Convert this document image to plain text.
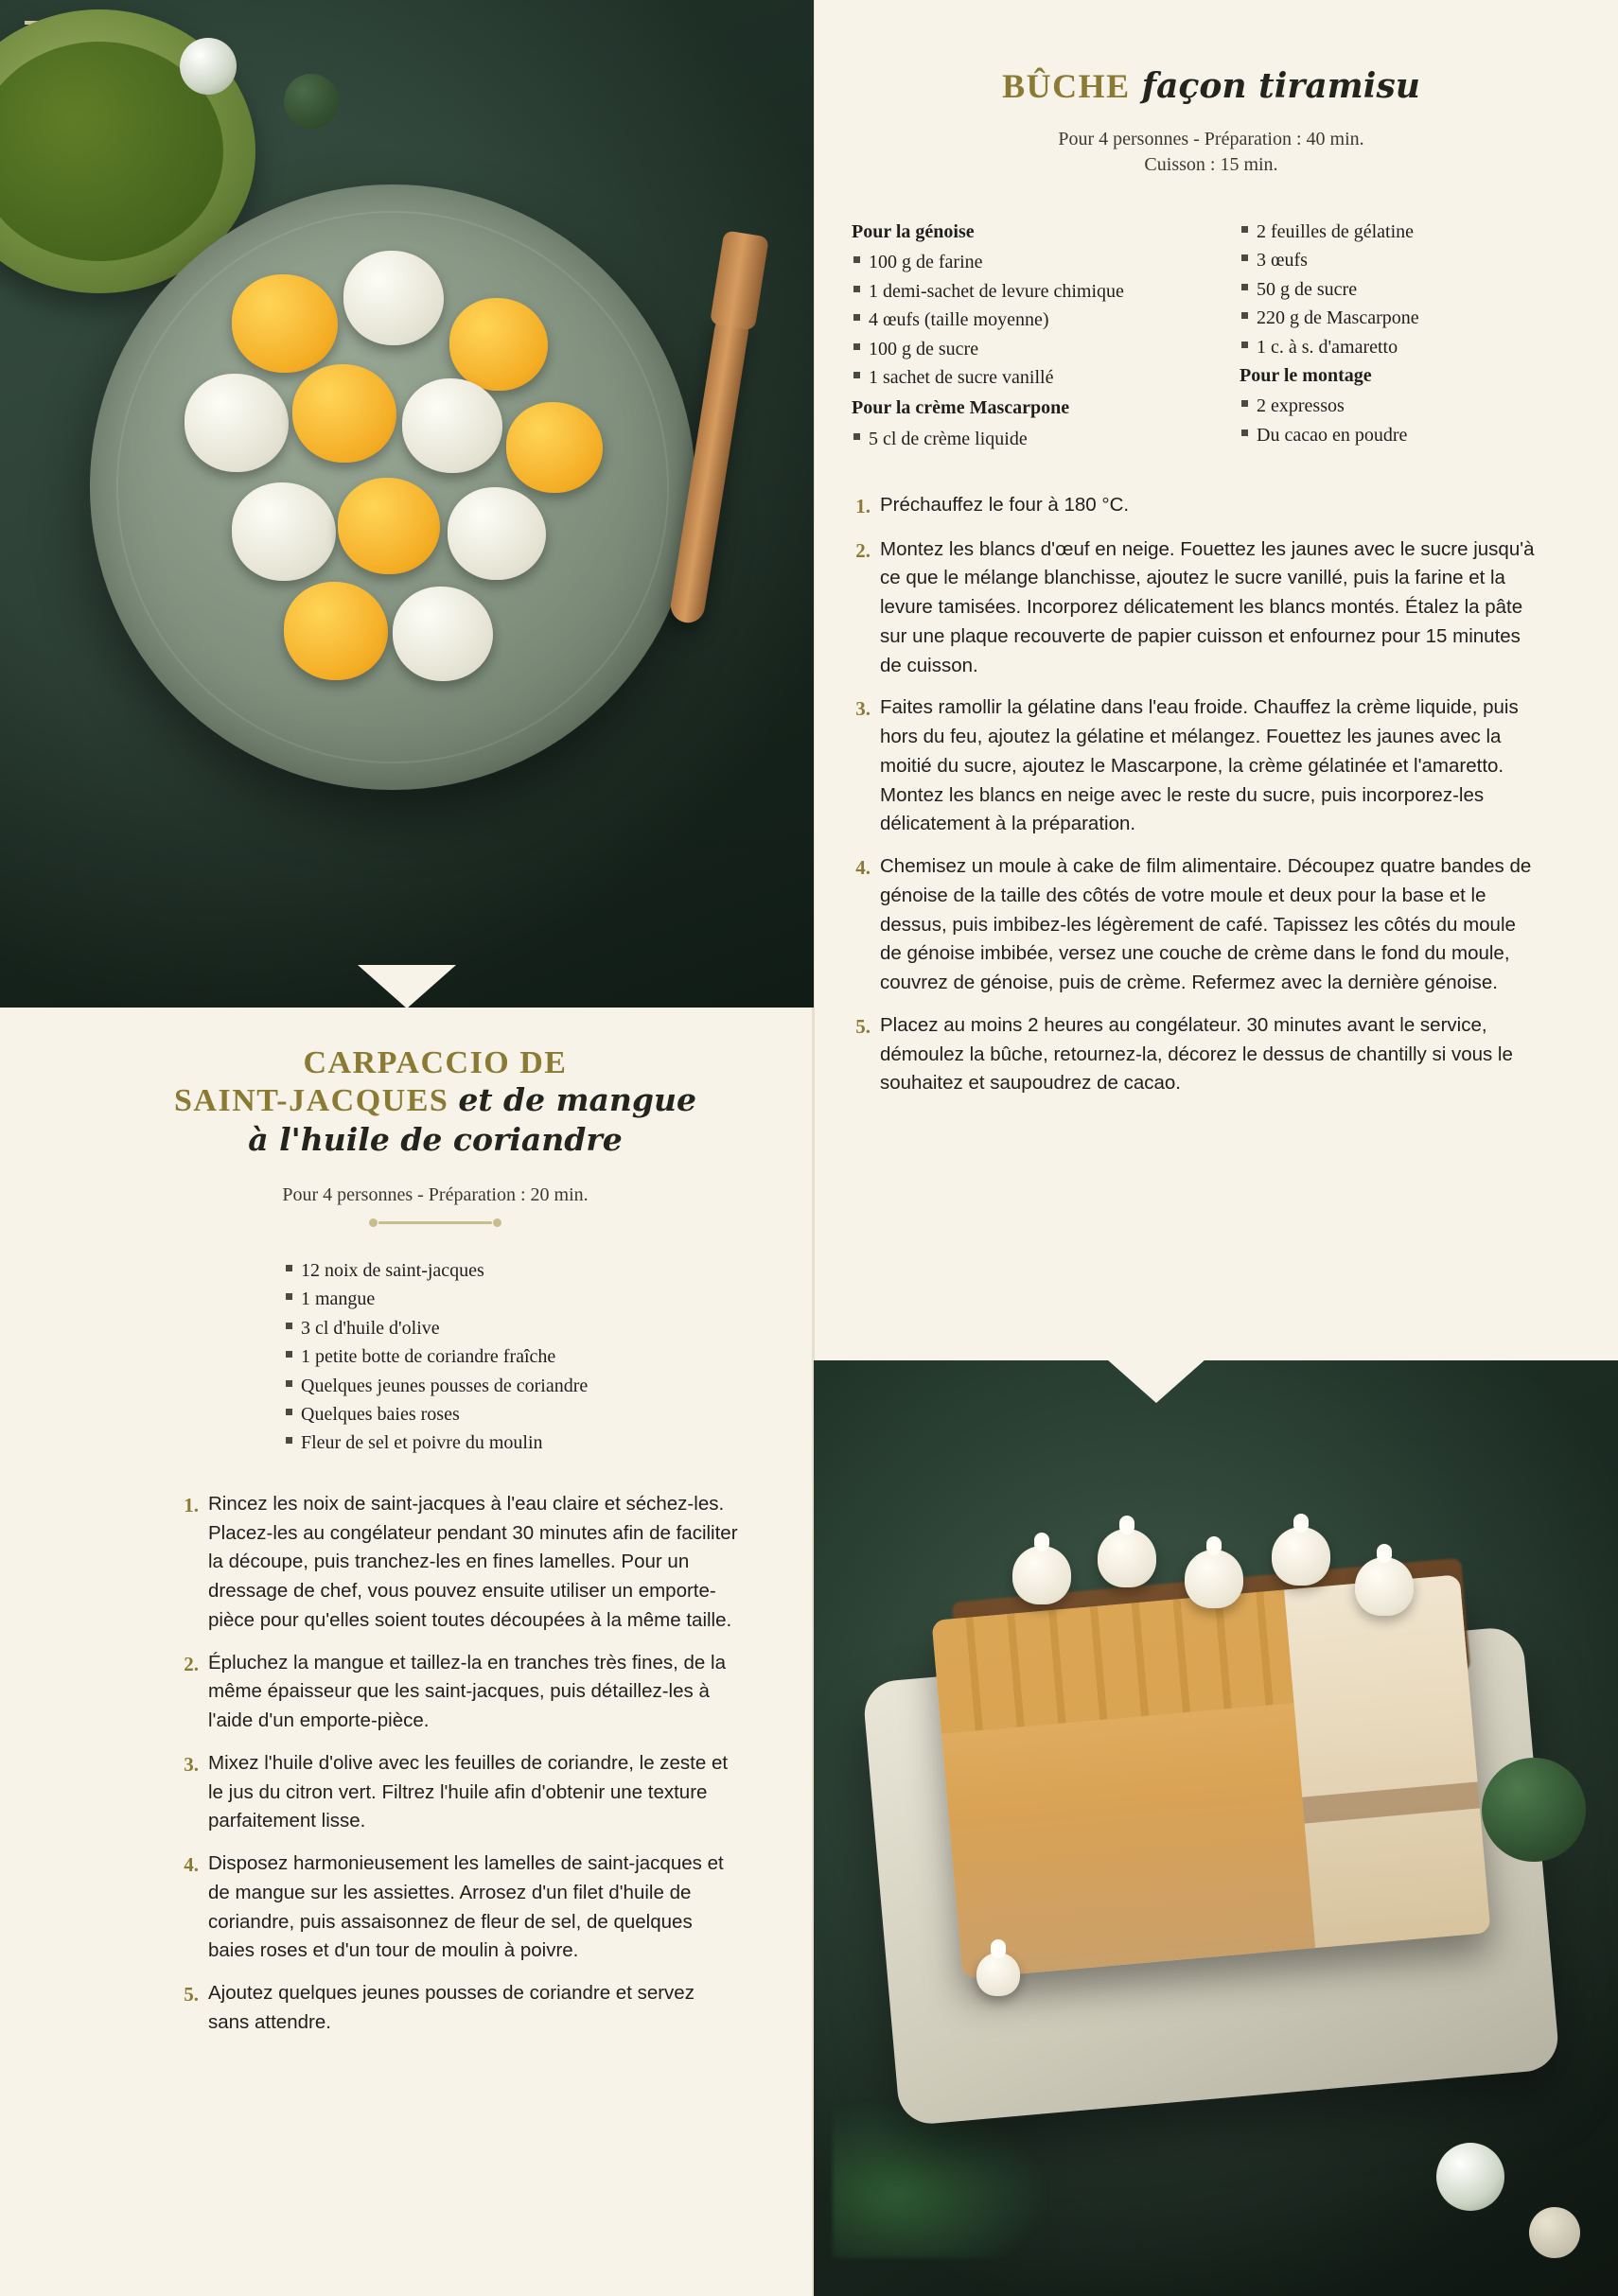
CARPACCIO DE
SAINT-JACQUES et de mangue
à l'huile de coriandre
Pour 4 personnes - Préparation : 20 min.
12 noix de saint-jacques
1 mangue
3 cl d'huile d'olive
1 petite botte de coriandre fraîche
Quelques jeunes pousses de coriandre
Quelques baies roses
Fleur de sel et poivre du moulin
1. Rincez les noix de saint-jacques à l'eau claire et séchez-les. Placez-les au congélateur pendant 30 minutes afin de faciliter la découpe, puis tranchez-les en fines lamelles. Pour un dressage de chef, vous pouvez ensuite utiliser un emporte-pièce pour qu'elles soient toutes découpées à la même taille.
2. Épluchez la mangue et taillez-la en tranches très fines, de la même épaisseur que les saint-jacques, puis détaillez-les à l'aide d'un emporte-pièce.
3. Mixez l'huile d'olive avec les feuilles de coriandre, le zeste et le jus du citron vert. Filtrez l'huile afin d'obtenir une texture parfaitement lisse.
4. Disposez harmonieusement les lamelles de saint-jacques et de mangue sur les assiettes. Arrosez d'un filet d'huile de coriandre, puis assaisonnez de fleur de sel, de quelques baies roses et d'un tour de moulin à poivre.
5. Ajoutez quelques jeunes pousses de coriandre et servez sans attendre.
BÛCHE façon tiramisu
Pour 4 personnes - Préparation : 40 min.
Cuisson : 15 min.
Pour la génoise
100 g de farine
1 demi-sachet de levure chimique
4 œufs (taille moyenne)
100 g de sucre
1 sachet de sucre vanillé
Pour la crème Mascarpone
5 cl de crème liquide
2 feuilles de gélatine
3 œufs
50 g de sucre
220 g de Mascarpone
1 c. à s. d'amaretto
Pour le montage
2 expressos
Du cacao en poudre
1. Préchauffez le four à 180 °C.
2. Montez les blancs d'œuf en neige. Fouettez les jaunes avec le sucre jusqu'à ce que le mélange blanchisse, ajoutez le sucre vanillé, puis la farine et la levure tamisées. Incorporez délicatement les blancs montés. Étalez la pâte sur une plaque recouverte de papier cuisson et enfournez pour 15 minutes de cuisson.
3. Faites ramollir la gélatine dans l'eau froide. Chauffez la crème liquide, puis hors du feu, ajoutez la gélatine et mélangez. Fouettez les jaunes avec la moitié du sucre, ajoutez le Mascarpone, la crème gélatinée et l'amaretto. Montez les blancs en neige avec le reste du sucre, puis incorporez-les délicatement à la préparation.
4. Chemisez un moule à cake de film alimentaire. Découpez quatre bandes de génoise de la taille des côtés de votre moule et deux pour la base et le dessus, puis imbibez-les légèrement de café. Tapissez les côtés du moule de génoise imbibée, versez une couche de crème dans le fond du moule, couvrez de génoise, puis de crème. Refermez avec la dernière génoise.
5. Placez au moins 2 heures au congélateur. 30 minutes avant le service, démoulez la bûche, retournez-la, décorez le dessus de chantilly si vous le souhaitez et saupoudrez de cacao.
